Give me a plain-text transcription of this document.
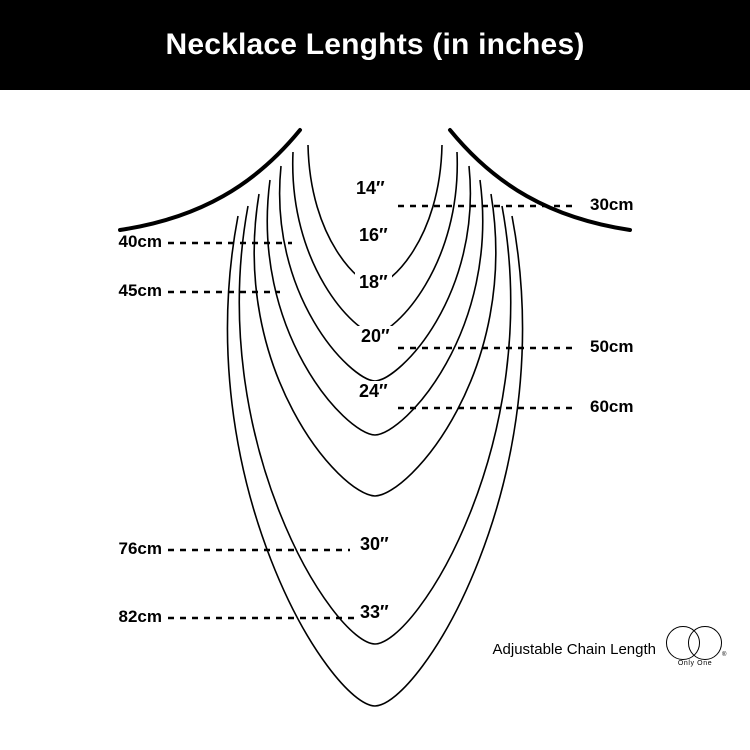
Necklace Lenghts (in inches)
14″
16″
18″
20″
24″
30″
33″
30cm
40cm
45cm
50cm
60cm
76cm
82cm
Adjustable Chain Length	®
Only One
